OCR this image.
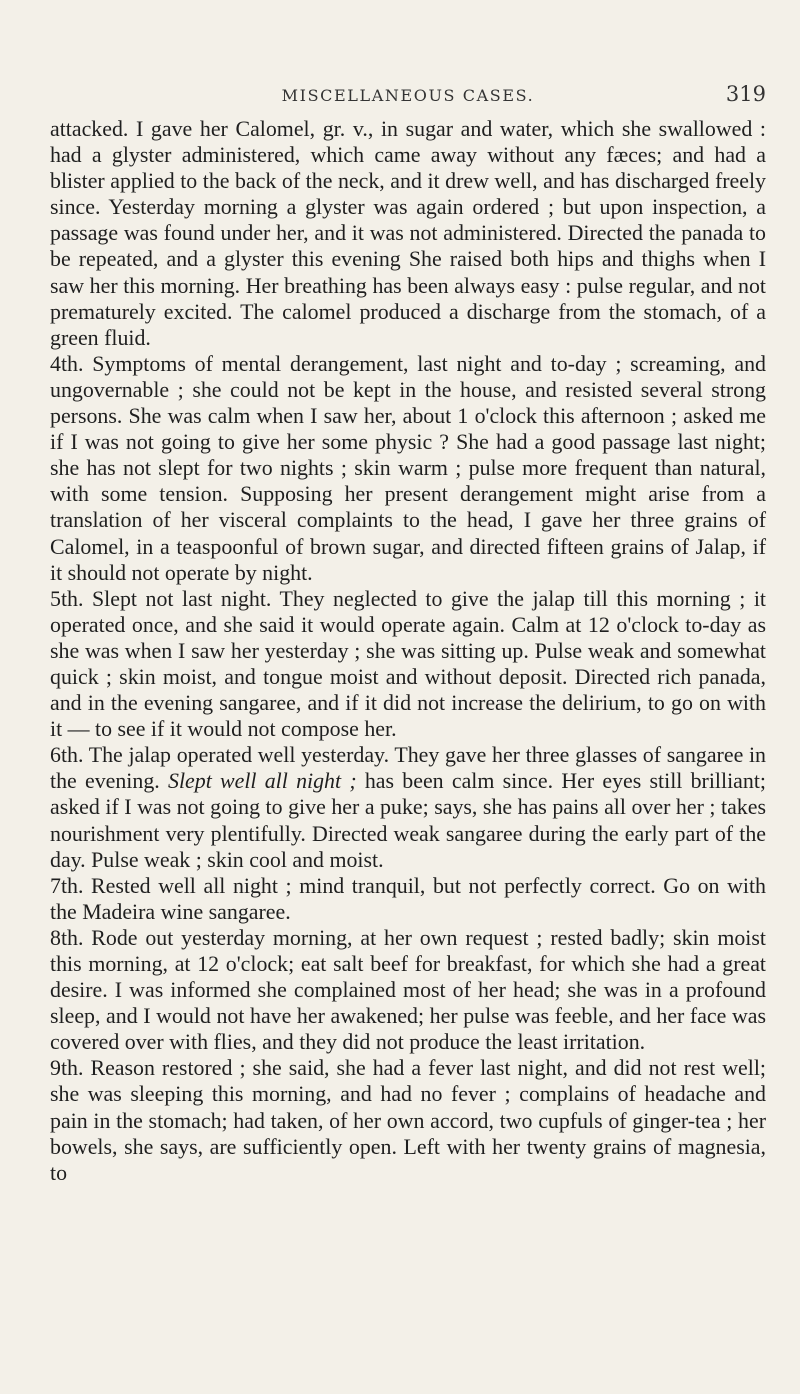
MISCELLANEOUS CASES.	319

attacked. I gave her Calomel, gr. v., in sugar and water, which she swallowed : had a glyster administered, which came away without any fæces; and had a blister applied to the back of the neck, and it drew well, and has discharged freely since. Yesterday morning a glyster was again ordered ; but upon inspection, a passage was found under her, and it was not administered. Directed the panada to be repeated, and a glyster this evening She raised both hips and thighs when I saw her this morning. Her breathing has been always easy : pulse regular, and not prematurely excited. The calomel produced a discharge from the stomach, of a green fluid.

4th. Symptoms of mental derangement, last night and to-day ; screaming, and ungovernable ; she could not be kept in the house, and resisted several strong persons. She was calm when I saw her, about 1 o'clock this afternoon ; asked me if I was not going to give her some physic ? She had a good passage last night; she has not slept for two nights ; skin warm ; pulse more frequent than natural, with some tension. Supposing her present derangement might arise from a translation of her visceral complaints to the head, I gave her three grains of Calomel, in a teaspoonful of brown sugar, and directed fifteen grains of Jalap, if it should not operate by night.

5th. Slept not last night. They neglected to give the jalap till this morning ; it operated once, and she said it would operate again. Calm at 12 o'clock to-day as she was when I saw her yesterday ; she was sitting up. Pulse weak and somewhat quick ; skin moist, and tongue moist and without deposit. Directed rich panada, and in the evening sangaree, and if it did not increase the delirium, to go on with it — to see if it would not compose her.

6th. The jalap operated well yesterday. They gave her three glasses of sangaree in the evening. Slept well all night ; has been calm since. Her eyes still brilliant; asked if I was not going to give her a puke; says, she has pains all over her ; takes nourishment very plentifully. Directed weak sangaree during the early part of the day. Pulse weak ; skin cool and moist.

7th. Rested well all night ; mind tranquil, but not perfectly correct. Go on with the Madeira wine sangaree.

8th. Rode out yesterday morning, at her own request ; rested badly; skin moist this morning, at 12 o'clock; eat salt beef for breakfast, for which she had a great desire. I was informed she complained most of her head; she was in a profound sleep, and I would not have her awakened; her pulse was feeble, and her face was covered over with flies, and they did not produce the least irritation.

9th. Reason restored ; she said, she had a fever last night, and did not rest well; she was sleeping this morning, and had no fever ; complains of headache and pain in the stomach; had taken, of her own accord, two cupfuls of ginger-tea ; her bowels, she says, are sufficiently open. Left with her twenty grains of magnesia, to
